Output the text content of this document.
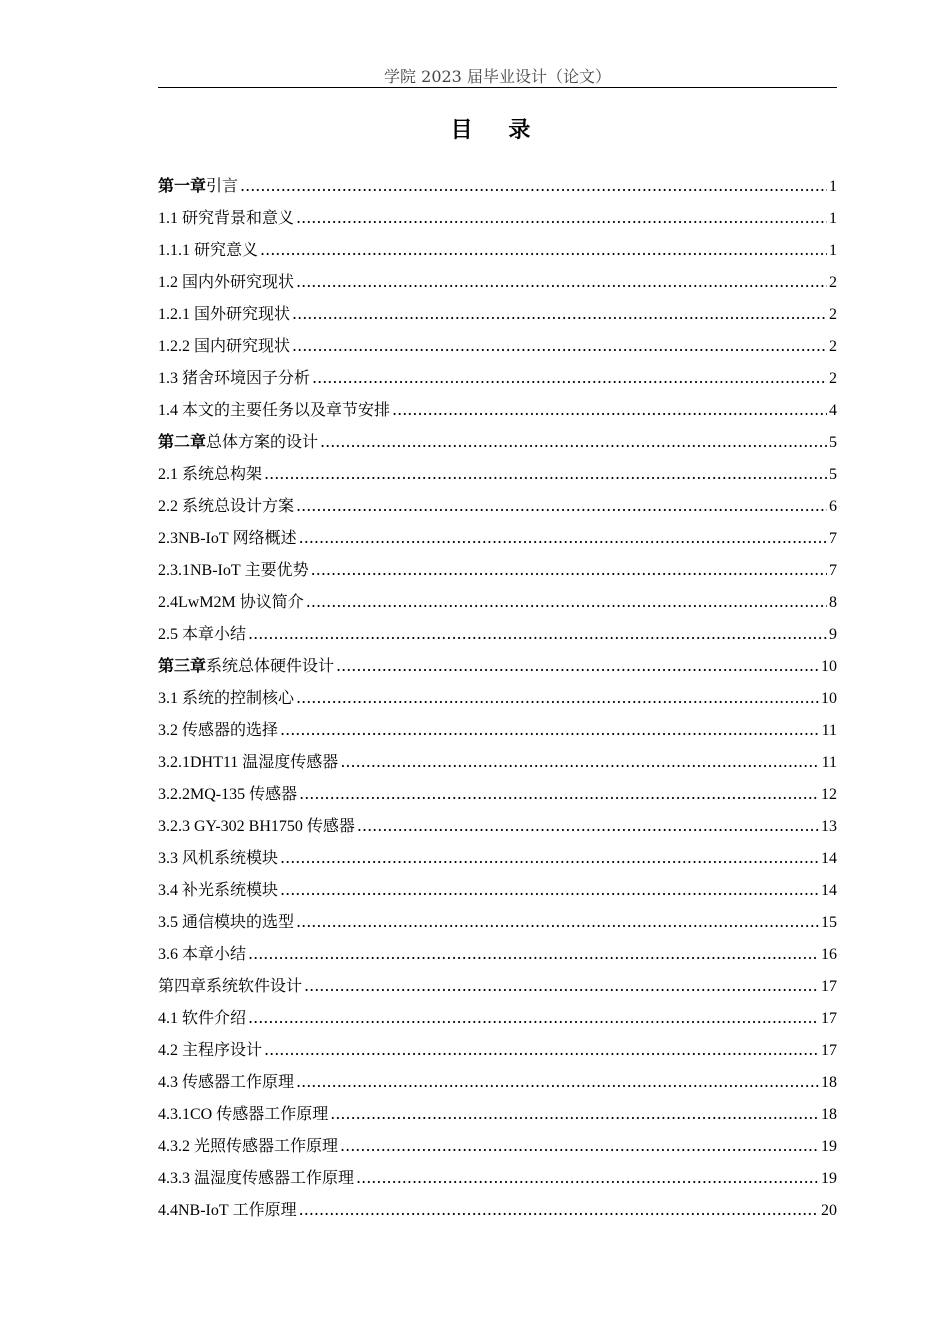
学院 2023 届毕业设计（论文）
目 录
第一章 引言 .....	1
1.1 研究背景和意义 .....	1
1.1.1 研究意义 .....	1
1.2 国内外研究现状 .....	2
1.2.1 国外研究现状 .....	2
1.2.2 国内研究现状 .....	2
1.3 猪舍环境因子分析 .....	2
1.4 本文的主要任务以及章节安排 .....	4
第二章 总体方案的设计 .....	5
2.1 系统总构架 .....	5
2.2 系统总设计方案 .....	6
2.3NB-IoT 网络概述 .....	7
2.3.1NB-IoT 主要优势 .....	7
2.4LwM2M 协议简介 .....	8
2.5 本章小结 .....	9
第三章 系统总体硬件设计 .....	10
3.1 系统的控制核心 .....	10
3.2 传感器的选择 .....	11
3.2.1DHT11 温湿度传感器 .....	11
3.2.2MQ-135 传感器 .....	12
3.2.3 GY-302 BH1750 传感器 .....	13
3.3 风机系统模块 .....	14
3.4 补光系统模块 .....	14
3.5 通信模块的选型 .....	15
3.6 本章小结 .....	16
第四章 系统软件设计 .....	17
4.1 软件介绍 .....	17
4.2 主程序设计 .....	17
4.3 传感器工作原理 .....	18
4.3.1CO 传感器工作原理 .....	18
4.3.2 光照传感器工作原理 .....	19
4.3.3 温湿度传感器工作原理 .....	19
4.4NB-IoT 工作原理 .....	20
